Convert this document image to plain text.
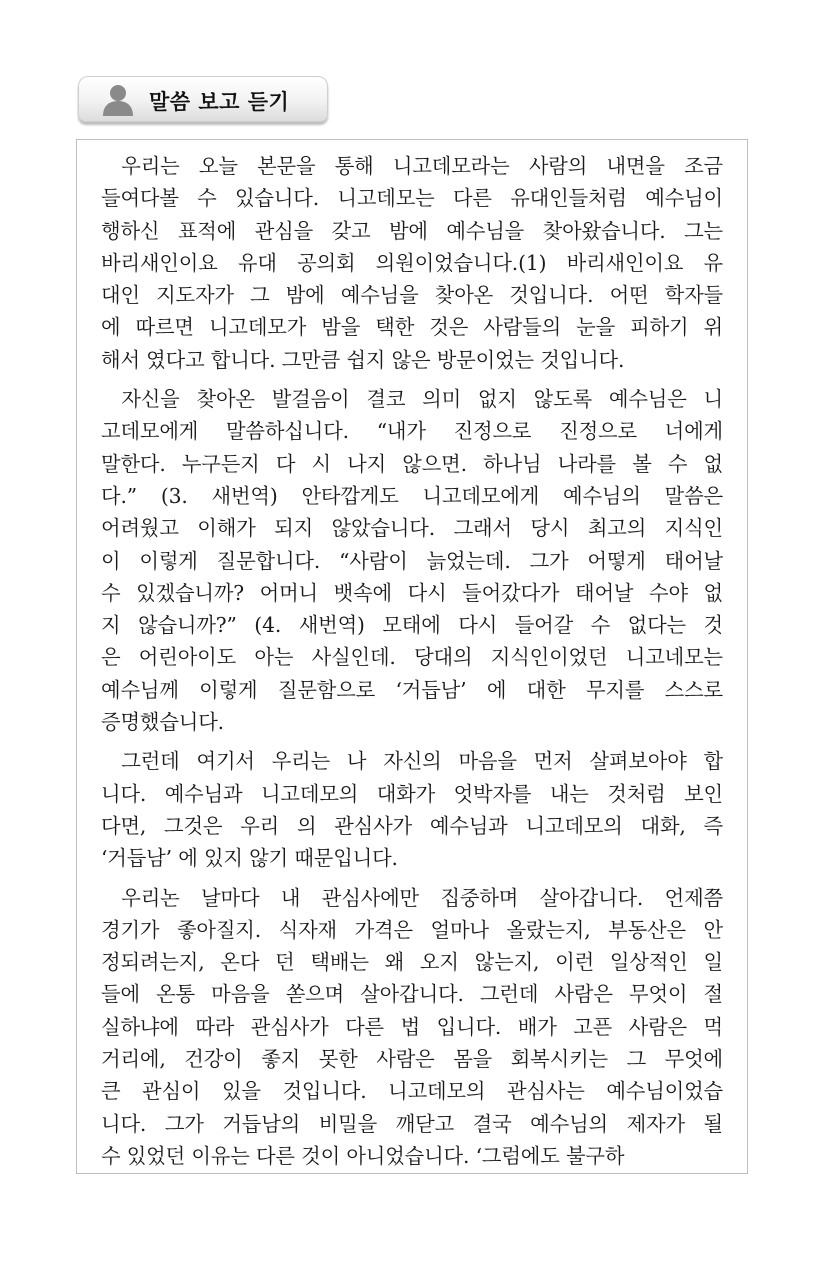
말씀 보고 듣기
우리는 오늘 본문을 통해 니고데모라는 사람의 내면을 조금
들여다볼 수 있습니다. 니고데모는 다른 유대인들처럼 예수님이
행하신 표적에 관심을 갖고 밤에 예수님을 찾아왔습니다. 그는
바리새인이요 유대 공의회 의원이었습니다.(1) 바리새인이요 유
대인 지도자가 그 밤에 예수님을 찾아온 것입니다. 어떤 학자들
에 따르면 니고데모가 밤을 택한 것은 사람들의 눈을 피하기 위
해서 였다고 합니다. 그만큼 쉽지 않은 방문이었는 것입니다.
자신을 찾아온 발걸음이 결코 의미 없지 않도록 예수님은 니
고데모에게 말씀하십니다. “내가 진정으로 진정으로 너에게
말한다. 누구든지 다 시 나지 않으면. 하나님 나라를 볼 수 없
다.” (3. 새번역) 안타깝게도 니고데모에게 예수님의 말씀은
어려웠고 이해가 되지 않았습니다. 그래서 당시 최고의 지식인
이 이렇게 질문합니다. “사람이 늙었는데. 그가 어떻게 태어날
수 있겠습니까? 어머니 뱃속에 다시 들어갔다가 태어날 수야 없
지 않습니까?” (4. 새번역) 모태에 다시 들어갈 수 없다는 것
은 어린아이도 아는 사실인데. 당대의 지식인이었던 니고네모는
예수님께 이렇게 질문함으로 ‘거듭남’ 에 대한 무지를 스스로
증명했습니다.
그런데 여기서 우리는 나 자신의 마음을 먼저 살펴보아야 합
니다. 예수님과 니고데모의 대화가 엇박자를 내는 것처럼 보인
다면, 그것은 우리 의 관심사가 예수님과 니고데모의 대화, 즉
‘거듭남’ 에 있지 않기 때문입니다.
우리논 날마다 내 관심사에만 집중하며 살아갑니다. 언제쯤
경기가 좋아질지. 식자재 가격은 얼마나 올랐는지, 부동산은 안
정되려는지, 온다 던 택배는 왜 오지 않는지, 이런 일상적인 일
들에 온통 마음을 쏟으며 살아갑니다. 그런데 사람은 무엇이 절
실하냐에 따라 관심사가 다른 법 입니다. 배가 고픈 사람은 먹
거리에, 건강이 좋지 못한 사람은 몸을 회복시키는 그 무엇에
큰 관심이 있을 것입니다. 니고데모의 관심사는 예수님이었습
니다. 그가 거듭남의 비밀을 깨닫고 결국 예수님의 제자가 될
수 있었던 이유는 다른 것이 아니었습니다. ‘그럼에도 불구하
